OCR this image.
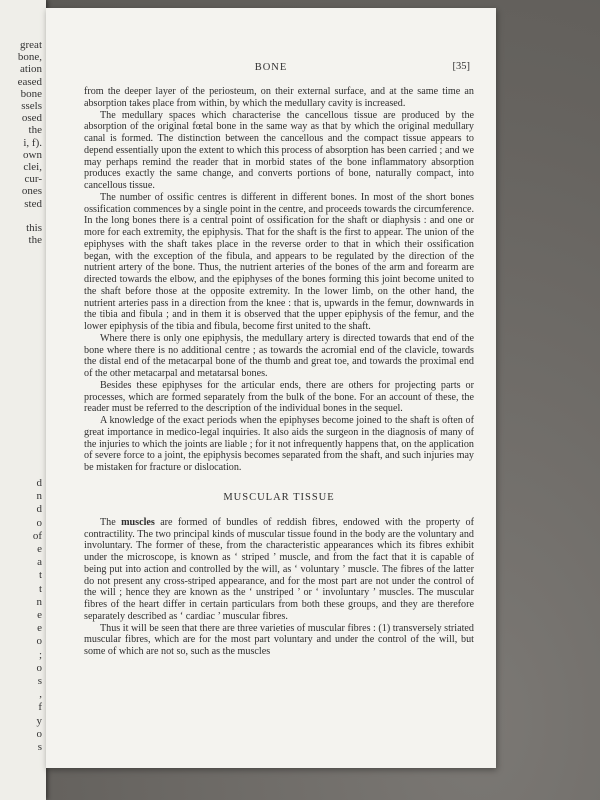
great
bone,
ation
eased
bone
ssels
osed
the
i, f).
own
clei,
cur-
ones
sted
this
the
d
n
d
o
of
e
a
t
t
n
e
e
o
;
o
s
,
f
y
o
s
BONE	[35]

from the deeper layer of the periosteum, on their external surface, and at the same time an absorption takes place from within, by which the medullary cavity is increased.

The medullary spaces which characterise the cancellous tissue are produced by the absorption of the original fœtal bone in the same way as that by which the original medullary canal is formed. The distinction between the cancellous and the compact tissue appears to depend essentially upon the extent to which this process of absorption has been carried ; and we may perhaps remind the reader that in morbid states of the bone inflammatory absorption produces exactly the same change, and converts portions of bone, naturally compact, into cancellous tissue.

The number of ossific centres is different in different bones. In most of the short bones ossification commences by a single point in the centre, and proceeds towards the circumference. In the long bones there is a central point of ossification for the shaft or diaphysis : and one or more for each extremity, the epiphysis. That for the shaft is the first to appear. The union of the epiphyses with the shaft takes place in the reverse order to that in which their ossification began, with the exception of the fibula, and appears to be regulated by the direction of the nutrient artery of the bone. Thus, the nutrient arteries of the bones of the arm and forearm are directed towards the elbow, and the epiphyses of the bones forming this joint become united to the shaft before those at the opposite extremity. In the lower limb, on the other hand, the nutrient arteries pass in a direction from the knee : that is, upwards in the femur, downwards in the tibia and fibula ; and in them it is observed that the upper epiphysis of the femur, and the lower epiphysis of the tibia and fibula, become first united to the shaft.

Where there is only one epiphysis, the medullary artery is directed towards that end of the bone where there is no additional centre ; as towards the acromial end of the clavicle, towards the distal end of the metacarpal bone of the thumb and great toe, and towards the proximal end of the other metacarpal and metatarsal bones.

Besides these epiphyses for the articular ends, there are others for projecting parts or processes, which are formed separately from the bulk of the bone. For an account of these, the reader must be referred to the description of the individual bones in the sequel.

A knowledge of the exact periods when the epiphyses become joined to the shaft is often of great importance in medico-legal inquiries. It also aids the surgeon in the diagnosis of many of the injuries to which the joints are liable ; for it not infrequently happens that, on the application of severe force to a joint, the epiphysis becomes separated from the shaft, and such injuries may be mistaken for fracture or dislocation.

MUSCULAR TISSUE

The muscles are formed of bundles of reddish fibres, endowed with the property of contractility. The two principal kinds of muscular tissue found in the body are the voluntary and involuntary. The former of these, from the characteristic appearances which its fibres exhibit under the microscope, is known as ‘ striped ’ muscle, and from the fact that it is capable of being put into action and controlled by the will, as ‘ voluntary ’ muscle. The fibres of the latter do not present any cross-striped appearance, and for the most part are not under the control of the will ; hence they are known as the ‘ unstriped ’ or ‘ involuntary ’ muscles. The muscular fibres of the heart differ in certain particulars from both these groups, and they are therefore separately described as ‘ cardiac ’ muscular fibres.

Thus it will be seen that there are three varieties of muscular fibres : (1) transversely striated muscular fibres, which are for the most part voluntary and under the control of the will, but some of which are not so, such as the muscles
